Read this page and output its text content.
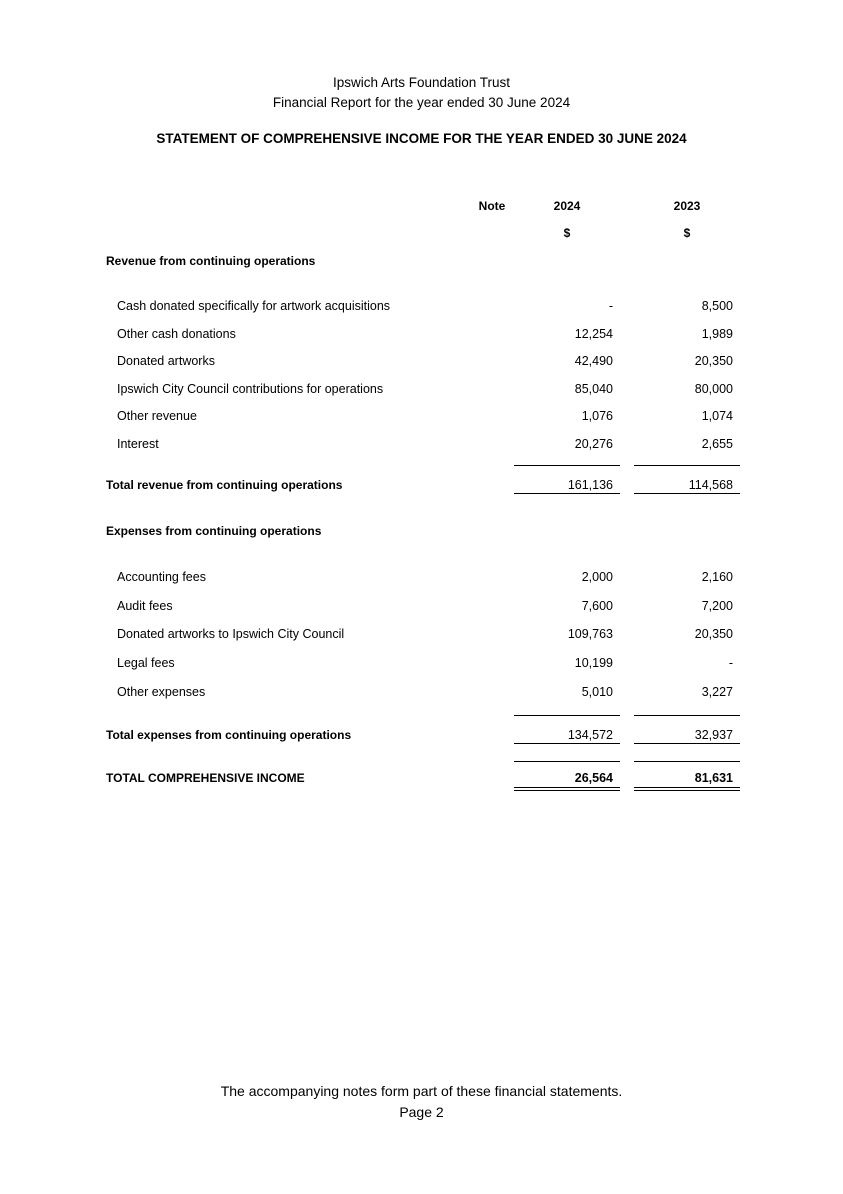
Ipswich Arts Foundation Trust
Financial Report for the year ended 30 June 2024
STATEMENT OF COMPREHENSIVE INCOME FOR THE YEAR ENDED 30 JUNE 2024
Note	2024	2023
$	$
Revenue from continuing operations
Cash donated specifically for artwork acquisitions	-	8,500
Other cash donations	12,254	1,989
Donated artworks	42,490	20,350
Ipswich City Council contributions for operations	85,040	80,000
Other revenue	1,076	1,074
Interest	20,276	2,655
Total revenue from continuing operations	161,136	114,568
Expenses from continuing operations
Accounting fees	2,000	2,160
Audit fees	7,600	7,200
Donated artworks to Ipswich City Council	109,763	20,350
Legal fees	10,199	-
Other expenses	5,010	3,227
Total expenses from continuing operations	134,572	32,937
TOTAL COMPREHENSIVE INCOME	26,564	81,631
The accompanying notes form part of these financial statements.
Page 2
